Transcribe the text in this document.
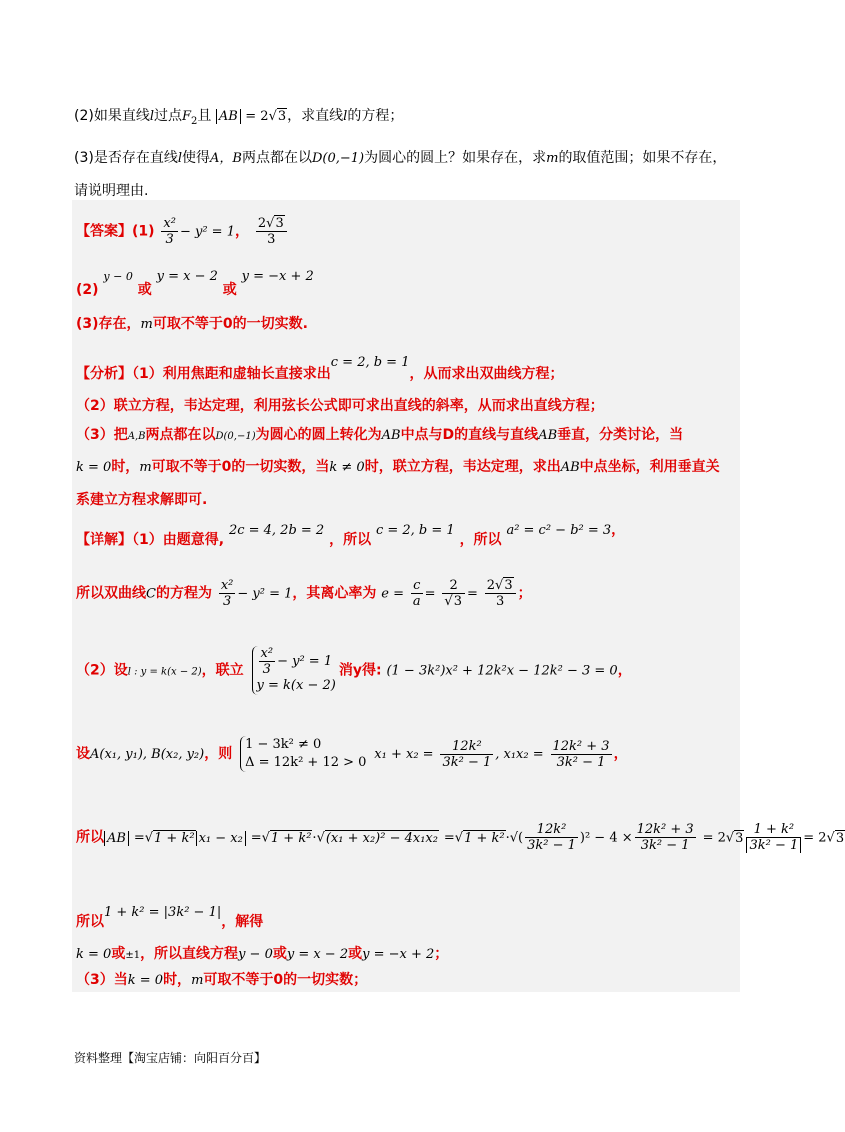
(2)如果直线l过点$F_2$且 AB = 2√3，求直线l的方程；
(3)是否存在直线l使得A，B两点都在以D(0,−1)为圆心的圆上？如果存在，求m的取值范围；如果不存在，
请说明理由.
【答案】$(1) \frac{\text{x²}}{3} - y^2 = 1$， $\frac{2√3}{3}$
(2) y − 0 或 y = x − 2 或 y = −x + 2
(3)存在，m可取不等于0的一切实数.
【分析】（1）利用焦距和虚轴长直接求出c = 2, b = 1，从而求出双曲线方程；
（2）联立方程，韦达定理，利用弦长公式即可求出直线的斜率，从而求出直线方程；
（3）把A,B两点都在以D(0,−1)为圆心的圆上转化为AB中点与D的直线与直线AB垂直，分类讨论，当
k = 0时，m可取不等于0的一切实数，当k ≠ 0时，联立方程，韦达定理，求出AB中点坐标，利用垂直关
系建立方程求解即可.
【详解】（1）由题意得, 2c = 4, 2b = 2 ，所以 c = 2, b = 1 ，所以 a² = c² − b² = 3，
所以双曲线C的方程为 $\frac{\text{x²}}{3} - y^2 = 1$，其离心率为 $e = \frac{c}{a} = \frac{2}{√3} = \frac{2√3}{3}$ ；
（2）设l : y = k(x − 2)，联立 $\frac{\text{x²}}{3} - y^2 = 1$
y = k(x − 2)
消y得: (1 − 3k²)x² + 12k²x − 12k² − 3 = 0，
设A(x₁, y₁), B(x₂, y₂)，则
1 − 3k² ≠ 0
Δ = 12k² + 12 > 0
$x_1 + x_2 = \frac{\text{12k²}}{\text{3k² − 1}}$ , $x_1x_2 = \frac{\text{12k² + 3}}{\text{3k² − 1}}$ ，
所以 AB =√1 + k² $x_1 - x_2 =√1 + k^2\cdot√(x_1 + x_2)^2 - 4x_1x_2 =√1 + k^2\cdot√( \frac{\text{12k²}}{\text{3k² − 1}} )^2 - 4 \times \frac{\text{12k² + 3}}{\text{3k² − 1}} = 2√3 \frac{\text{1 + k²}}{\text{3k² − 1}} = 2√3$
所以1 + k² = |3k² − 1|，解得
k = 0或±1，所以直线方程y − 0或y = x − 2或y = −x + 2；
（3）当k = 0时，m可取不等于0的一切实数；
资料整理【淘宝店铺：向阳百分百】
